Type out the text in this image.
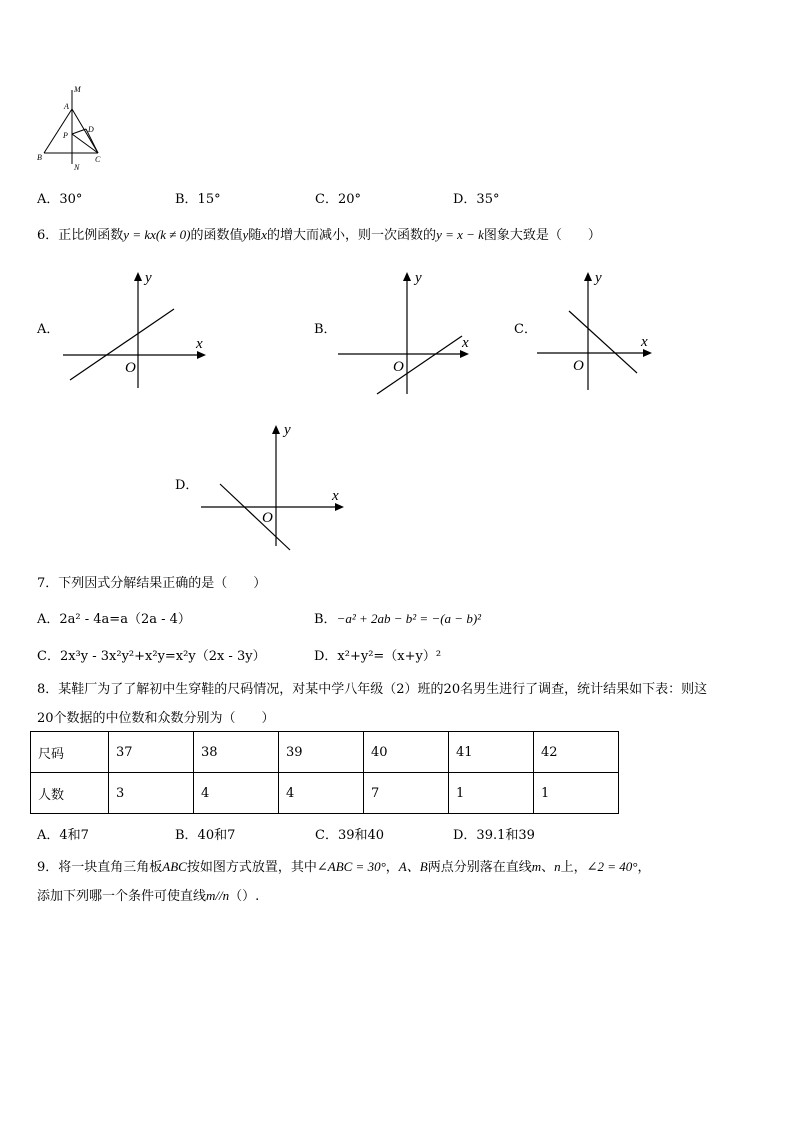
M
A
P
D
B	C
N
A．30°	B．15°	C．20°	D．35°
6．正比例函数y = kx(k ≠ 0)的函数值y随x的增大而减小，则一次函数的y = x − k图象大致是（　　）
A．
x
y
O
B．
x
y
O
C．
x
y
O
D．
x
y
O
7．下列因式分解结果正确的是（　　）
A．2a² - 4a=a（2a - 4）	B．−a² + 2ab − b² = −(a − b)²
C．2x³y - 3x²y²+x²y=x²y（2x - 3y）	D．x²+y²=（x+y）²
8．某鞋厂为了了解初中生穿鞋的尺码情况，对某中学八年级（2）班的20名男生进行了调查，统计结果如下表：则这
20个数据的中位数和众数分别为（　　）
尺码	37	38	39	40	41	42
人数	3	4	4	7	1	1
A．4和7	B．40和7	C．39和40	D．39.1和39
9．将一块直角三角板ABC按如图方式放置，其中∠ABC = 30°，A、B两点分别落在直线m、n上，∠2 = 40°，
添加下列哪一个条件可使直线m//n（）.
